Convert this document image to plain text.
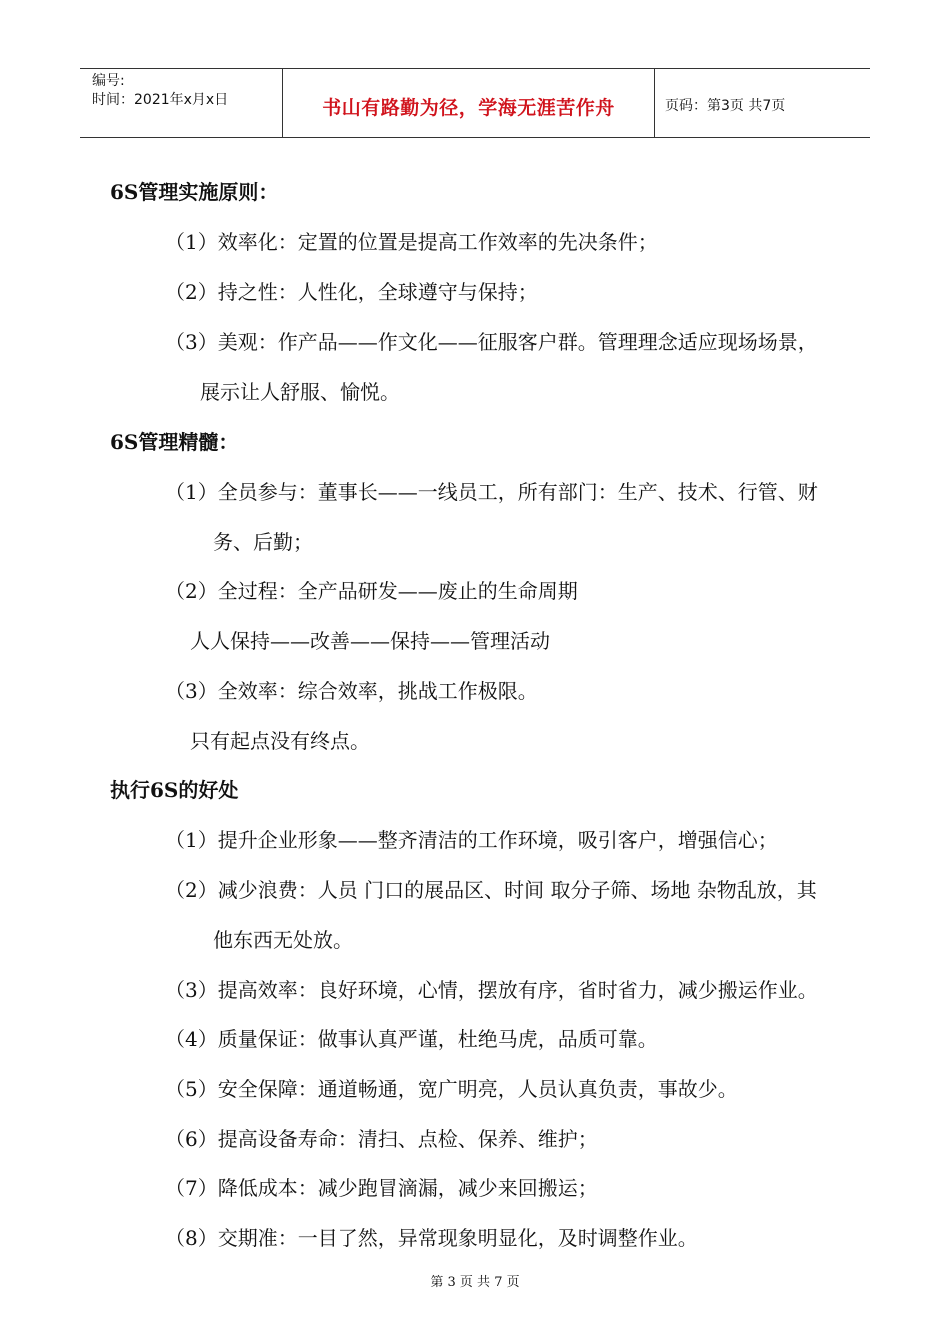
编号:
时间：2021年x月x日	书山有路勤为径，学海无涯苦作舟	页码：第3页 共7页
6S管理实施原则：
（1）效率化：定置的位置是提高工作效率的先决条件；
（2）持之性：人性化，全球遵守与保持；
（3）美观：作产品——作文化——征服客户群。管理理念适应现场场景，
展示让人舒服、愉悦。
6S管理精髓：
（1）全员参与：董事长——一线员工，所有部门：生产、技术、行管、财
务、后勤；
（2）全过程：全产品研发——废止的生命周期
人人保持——改善——保持——管理活动
（3）全效率：综合效率，挑战工作极限。
只有起点没有终点。
执行6S的好处
（1）提升企业形象——整齐清洁的工作环境，吸引客户，增强信心；
（2）减少浪费：人员 门口的展品区、时间 取分子筛、场地 杂物乱放，其
他东西无处放。
（3）提高效率：良好环境，心情，摆放有序，省时省力，减少搬运作业。
（4）质量保证：做事认真严谨，杜绝马虎，品质可靠。
（5）安全保障：通道畅通，宽广明亮，人员认真负责，事故少。
（6）提高设备寿命：清扫、点检、保养、维护；
（7）降低成本：减少跑冒滴漏，减少来回搬运；
（8）交期准：一目了然，异常现象明显化，及时调整作业。
第 3 页 共 7 页
